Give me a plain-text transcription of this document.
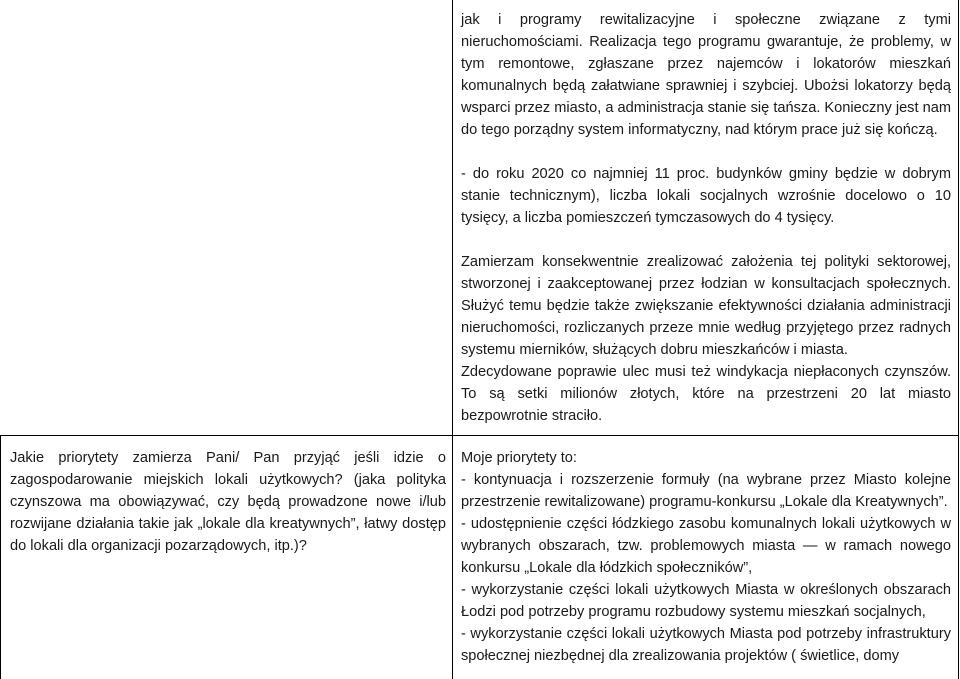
jak i programy rewitalizacyjne i społeczne związane z tymi nieruchomościami. Realizacja tego programu gwarantuje, że problemy, w tym remontowe, zgłaszane przez najemców i lokatorów mieszkań komunalnych będą załatwiane sprawniej i szybciej. Ubożsi lokatorzy będą wsparci przez miasto, a administracja stanie się tańsza. Konieczny jest nam do tego porządny system informatyczny, nad którym prace już się kończą.

- do roku 2020 co najmniej 11 proc. budynków gminy będzie w dobrym stanie technicznym), liczba lokali socjalnych wzrośnie docelowo o 10 tysięcy, a liczba pomieszczeń tymczasowych do 4 tysięcy.

Zamierzam konsekwentnie zrealizować założenia tej polityki sektorowej, stworzonej i zaakceptowanej przez łodzian w konsultacjach społecznych. Służyć temu będzie także zwiększanie efektywności działania administracji nieruchomości, rozliczanych przeze mnie według przyjętego przez radnych systemu mierników, służących dobru mieszkańców i miasta.

Zdecydowane poprawie ulec musi też windykacja niepłaconych czynszów. To są setki milionów złotych, które na przestrzeni 20 lat miasto bezpowrotnie straciło.

Jakie priorytety zamierza Pani/ Pan przyjąć jeśli idzie o zagospodarowanie miejskich lokali użytkowych? (jaka polityka czynszowa ma obowiązywać, czy będą prowadzone nowe i/lub rozwijane działania takie jak „lokale dla kreatywnych”, łatwy dostęp do lokali dla organizacji pozarządowych, itp.)?

Moje priorytety to:

- kontynuacja i rozszerzenie formuły (na wybrane przez Miasto kolejne przestrzenie rewitalizowane) programu-konkursu „Lokale dla Kreatywnych”.

- udostępnienie części łódzkiego zasobu komunalnych lokali użytkowych w wybranych obszarach, tzw. problemowych miasta — w ramach nowego konkursu „Lokale dla łódzkich społeczników”,

- wykorzystanie części lokali użytkowych Miasta w określonych obszarach Łodzi pod potrzeby programu rozbudowy systemu mieszkań socjalnych,

- wykorzystanie części lokali użytkowych Miasta pod potrzeby infrastruktury społecznej niezbędnej dla zrealizowania projektów ( świetlice, domy
